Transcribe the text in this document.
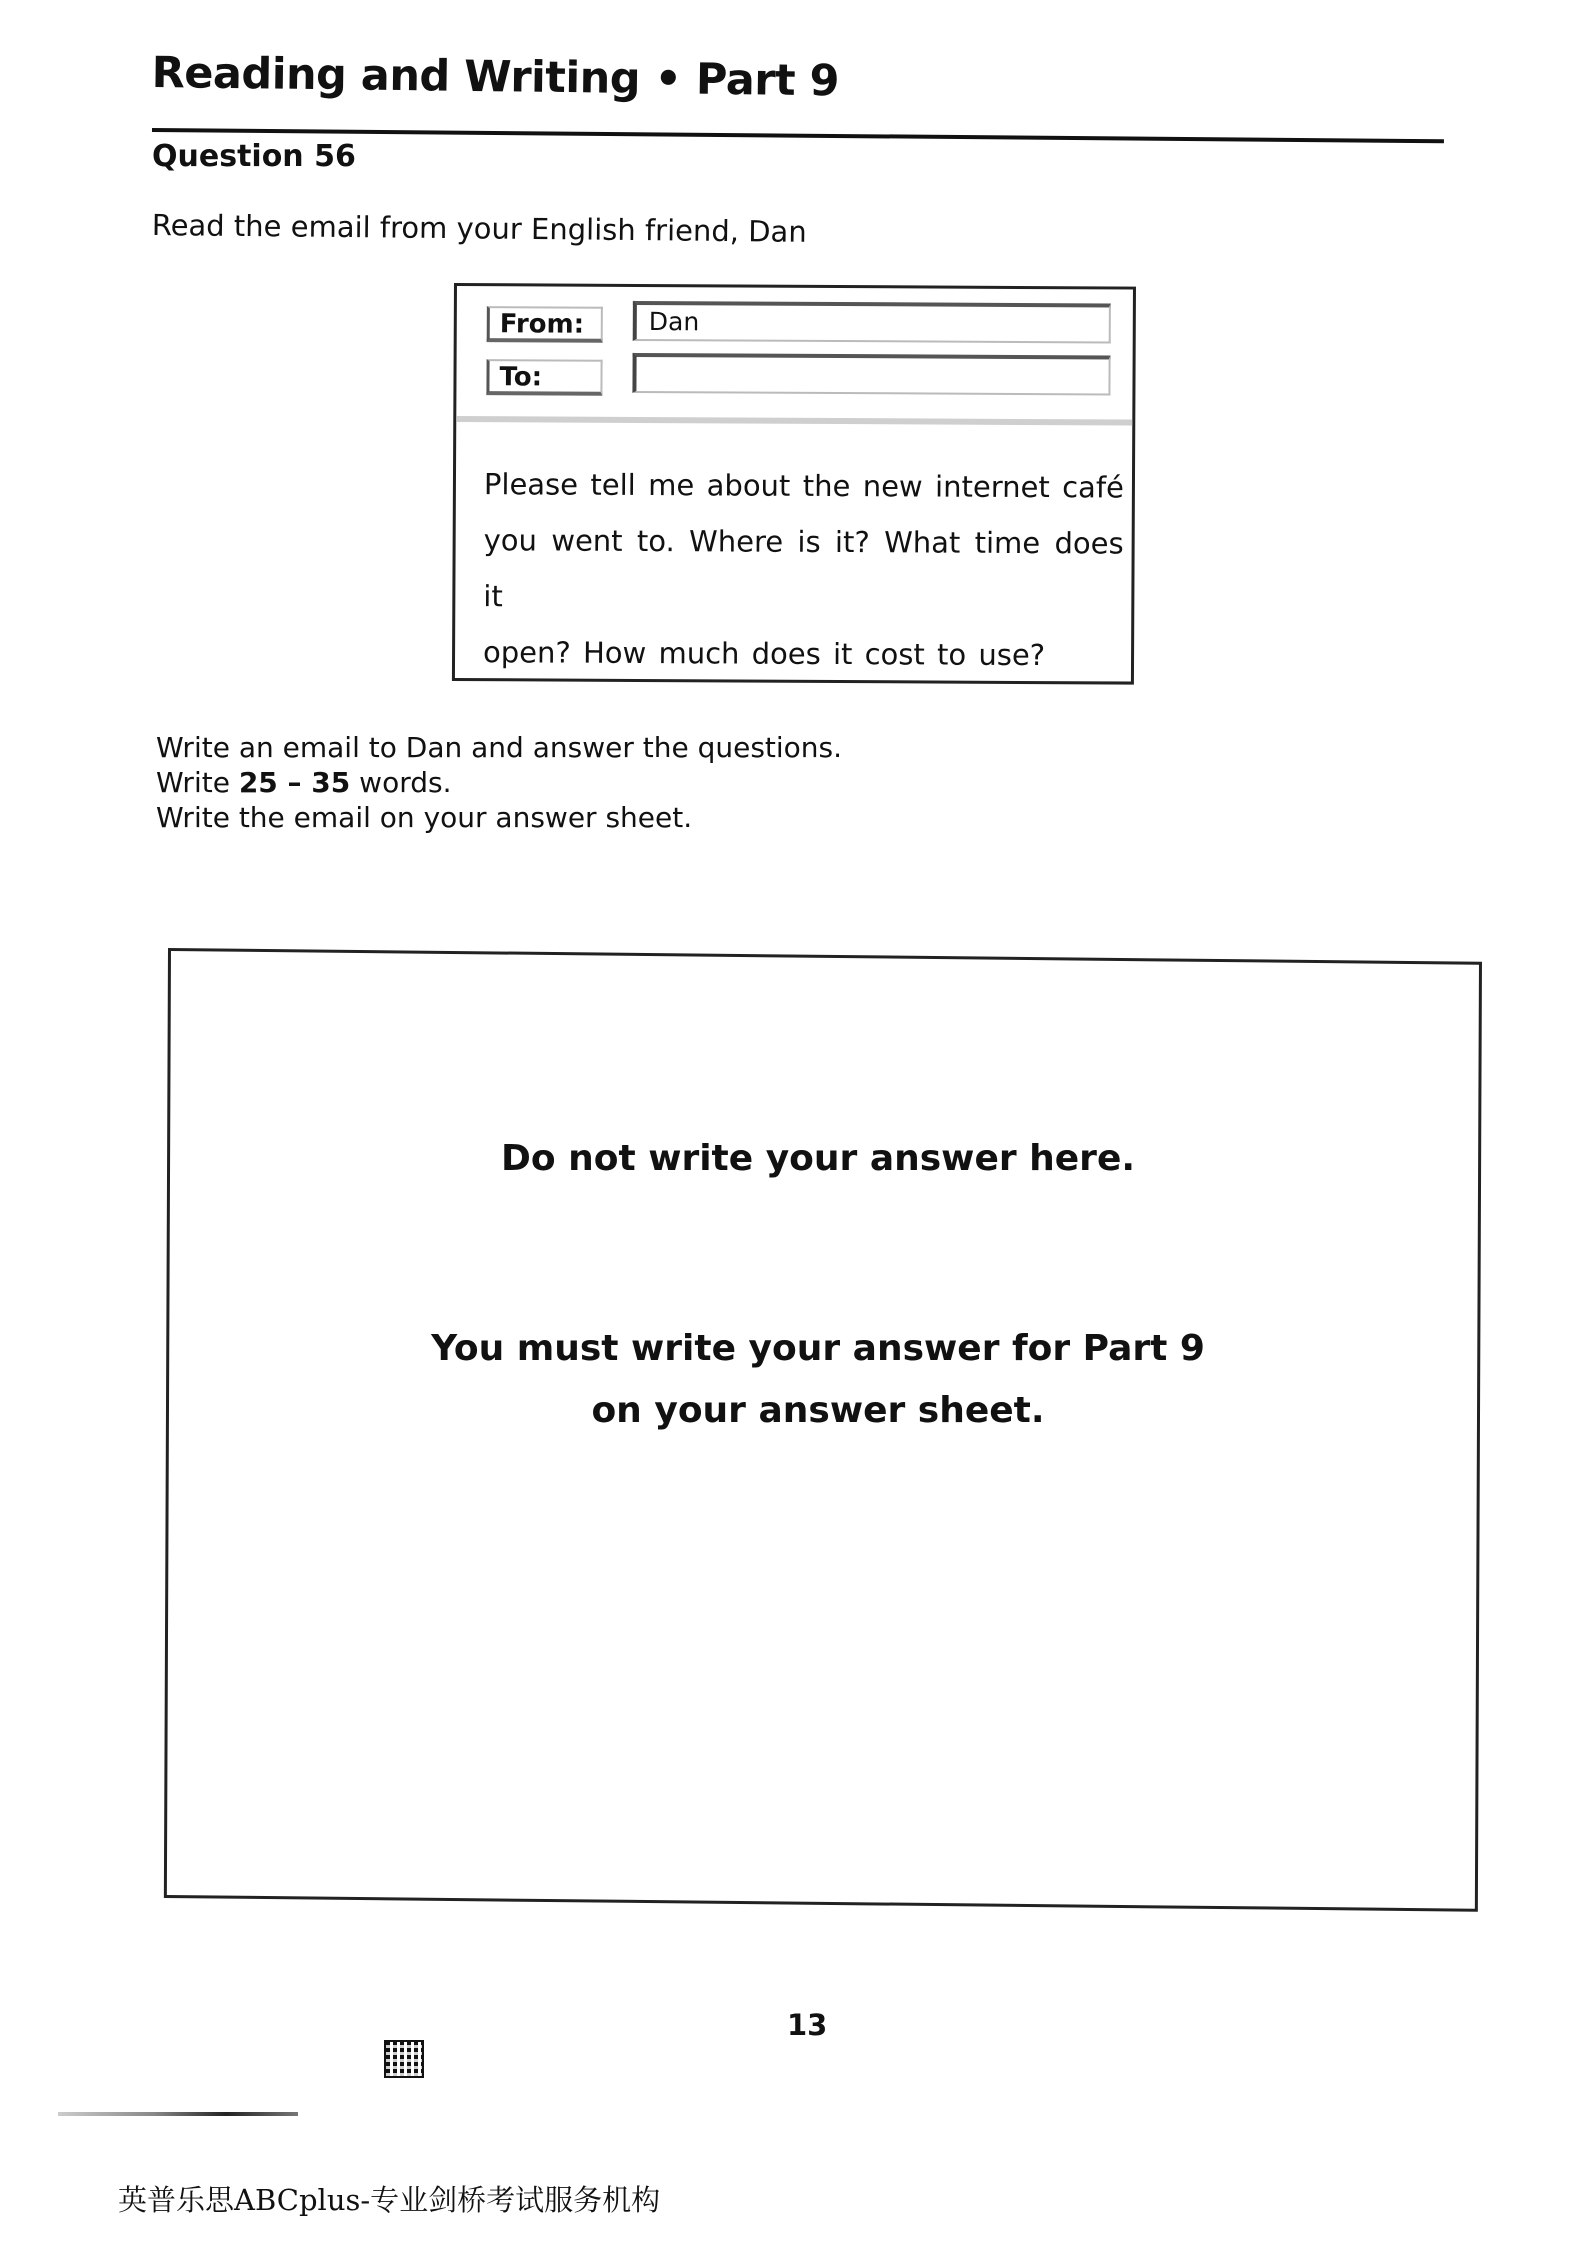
Reading and Writing • Part 9
Question 56
Read the email from your English friend, Dan
From:	Dan
To:
Please tell me about the new internet café
you went to. Where is it? What time does it
open? How much does it cost to use?
Write an email to Dan and answer the questions.
Write 25 – 35 words.
Write the email on your answer sheet.
Do not write your answer here.
You must write your answer for Part 9
on your answer sheet.
13
英普乐思ABCplus-专业剑桥考试服务机构
